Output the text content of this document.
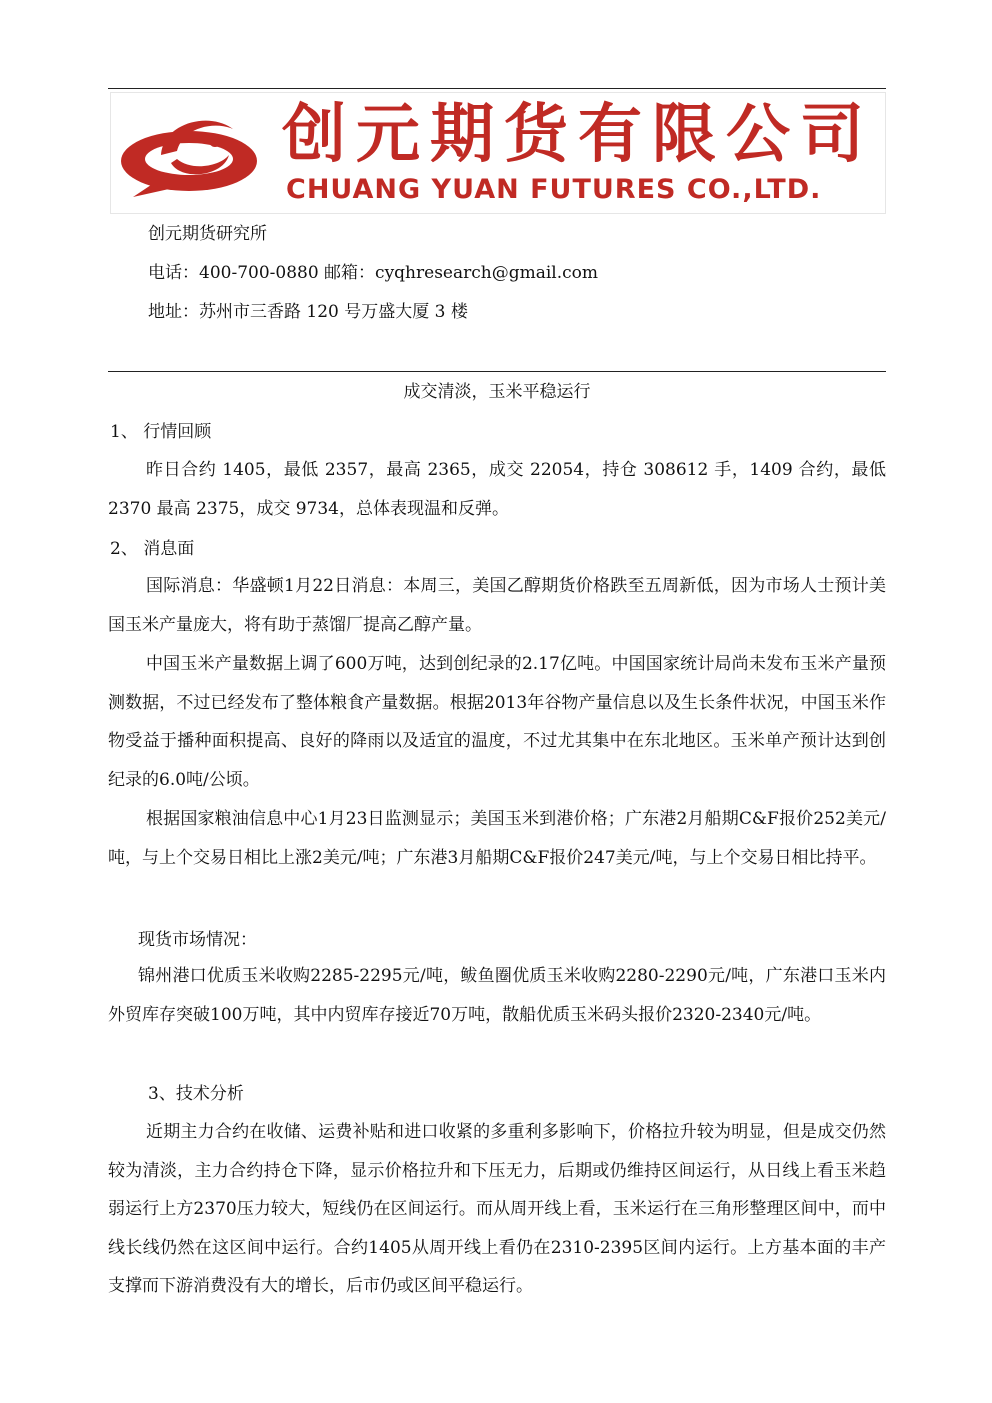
创元期货有限公司
CHUANG YUAN FUTURES CO.,LTD.
创元期货研究所
电话：400-700-0880 邮箱：cyqhresearch@gmail.com
地址：苏州市三香路 120 号万盛大厦 3 楼
成交清淡，玉米平稳运行
1、 行情回顾

昨日合约 1405，最低 2357，最高 2365，成交 22054，持仓 308612 手，1409 合约，最低 2370 最高 2375，成交 9734，总体表现温和反弹。

2、 消息面

国际消息：华盛顿1月22日消息：本周三，美国乙醇期货价格跌至五周新低，因为市场人士预计美国玉米产量庞大，将有助于蒸馏厂提高乙醇产量。

中国玉米产量数据上调了600万吨，达到创纪录的2.17亿吨。中国国家统计局尚未发布玉米产量预测数据，不过已经发布了整体粮食产量数据。根据2013年谷物产量信息以及生长条件状况，中国玉米作物受益于播种面积提高、良好的降雨以及适宜的温度，不过尤其集中在东北地区。玉米单产预计达到创纪录的6.0吨/公顷。

根据国家粮油信息中心1月23日监测显示；美国玉米到港价格；广东港2月船期C&F报价252美元/吨，与上个交易日相比上涨2美元/吨；广东港3月船期C&F报价247美元/吨，与上个交易日相比持平。

现货市场情况：

锦州港口优质玉米收购2285-2295元/吨，鲅鱼圈优质玉米收购2280-2290元/吨，广东港口玉米内外贸库存突破100万吨，其中内贸库存接近70万吨，散船优质玉米码头报价2320-2340元/吨。

3、技术分析

近期主力合约在收储、运费补贴和进口收紧的多重利多影响下，价格拉升较为明显，但是成交仍然较为清淡，主力合约持仓下降，显示价格拉升和下压无力，后期或仍维持区间运行，从日线上看玉米趋弱运行上方2370压力较大，短线仍在区间运行。而从周开线上看，玉米运行在三角形整理区间中，而中线长线仍然在这区间中运行。合约1405从周开线上看仍在2310-2395区间内运行。上方基本面的丰产支撑而下游消费没有大的增长，后市仍或区间平稳运行。
